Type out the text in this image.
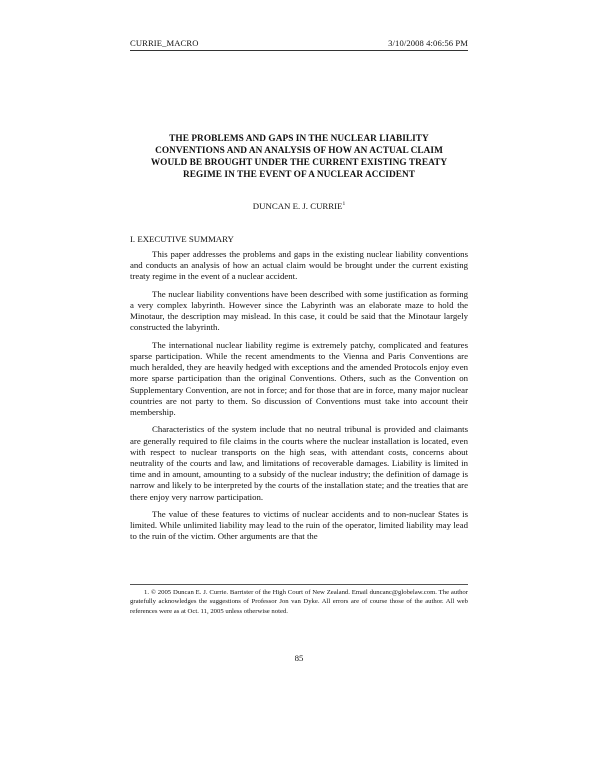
CURRIE_MACRO	3/10/2008 4:06:56 PM
THE PROBLEMS AND GAPS IN THE NUCLEAR LIABILITY CONVENTIONS AND AN ANALYSIS OF HOW AN ACTUAL CLAIM WOULD BE BROUGHT UNDER THE CURRENT EXISTING TREATY REGIME IN THE EVENT OF A NUCLEAR ACCIDENT
DUNCAN E. J. CURRIE$^1$
I. EXECUTIVE SUMMARY

This paper addresses the problems and gaps in the existing nuclear liability conventions and conducts an analysis of how an actual claim would be brought under the current existing treaty regime in the event of a nuclear accident.

The nuclear liability conventions have been described with some justification as forming a very complex labyrinth. However since the Labyrinth was an elaborate maze to hold the Minotaur, the description may mislead. In this case, it could be said that the Minotaur largely constructed the labyrinth.

The international nuclear liability regime is extremely patchy, complicated and features sparse participation. While the recent amendments to the Vienna and Paris Conventions are much heralded, they are heavily hedged with exceptions and the amended Protocols enjoy even more sparse participation than the original Conventions. Others, such as the Convention on Supplementary Convention, are not in force; and for those that are in force, many major nuclear countries are not party to them. So discussion of Conventions must take into account their membership.

Characteristics of the system include that no neutral tribunal is provided and claimants are generally required to file claims in the courts where the nuclear installation is located, even with respect to nuclear transports on the high seas, with attendant costs, concerns about neutrality of the courts and law, and limitations of recoverable damages. Liability is limited in time and in amount, amounting to a subsidy of the nuclear industry; the definition of damage is narrow and likely to be interpreted by the courts of the installation state; and the treaties that are there enjoy very narrow participation.

The value of these features to victims of nuclear accidents and to non-nuclear States is limited. While unlimited liability may lead to the ruin of the operator, limited liability may lead to the ruin of the victim. Other arguments are that the

1. © 2005 Duncan E. J. Currie. Barrister of the High Court of New Zealand. Email duncanc@globelaw.com. The author gratefully acknowledges the suggestions of Professor Jon van Dyke. All errors are of course those of the author. All web references were as at Oct. 11, 2005 unless otherwise noted.
85
